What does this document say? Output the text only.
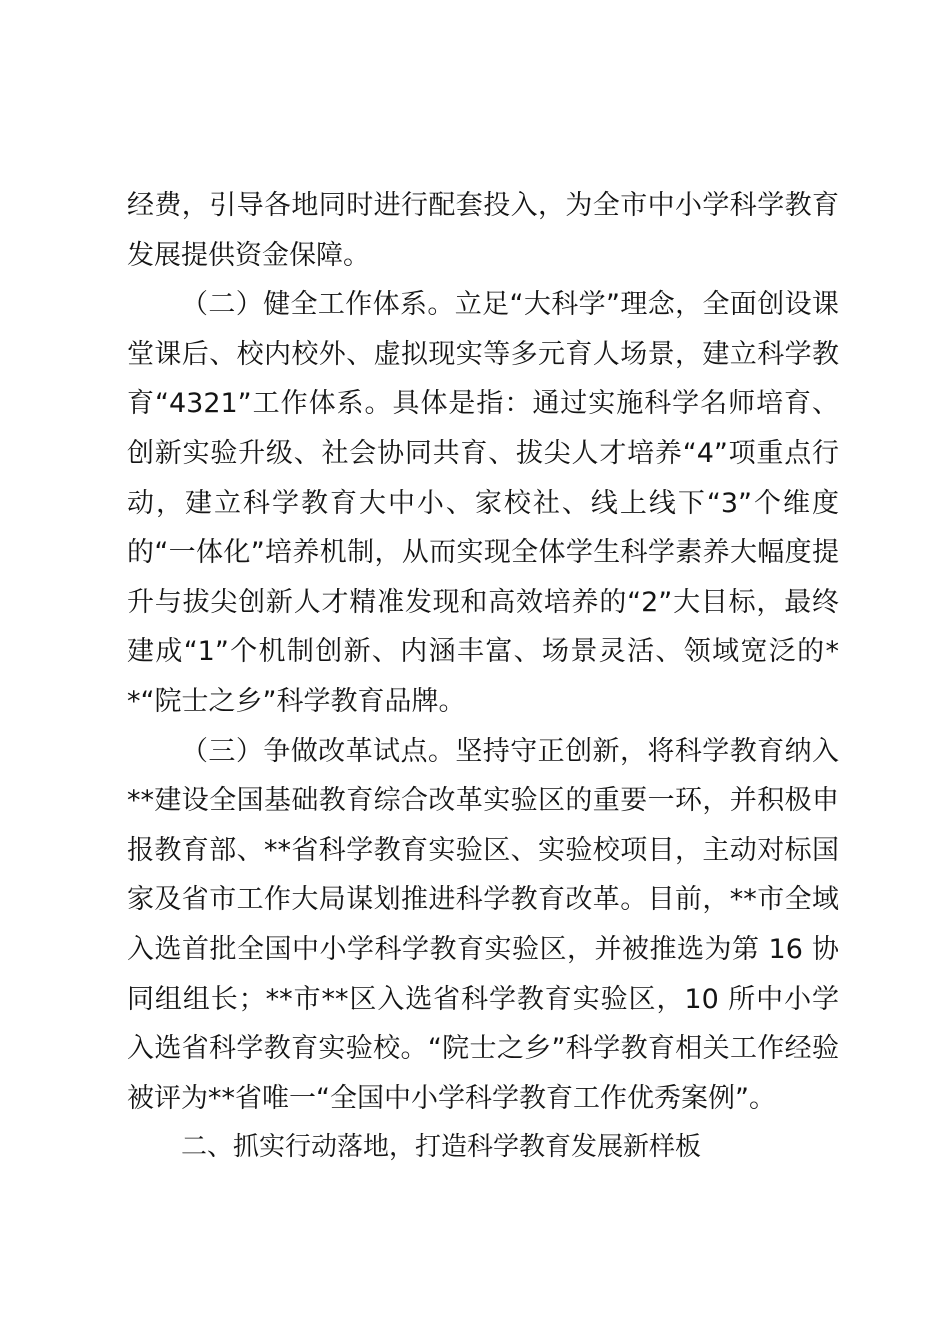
经费，引导各地同时进行配套投入，为全市中小学科学教育发展提供资金保障。

（二）健全工作体系。立足“大科学”理念，全面创设课堂课后、校内校外、虚拟现实等多元育人场景，建立科学教育“4321”工作体系。具体是指：通过实施科学名师培育、创新实验升级、社会协同共育、拔尖人才培养“4”项重点行动，建立科学教育大中小、家校社、线上线下“3”个维度的“一体化”培养机制，从而实现全体学生科学素养大幅度提升与拔尖创新人才精准发现和高效培养的“2”大目标，最终建成“1”个机制创新、内涵丰富、场景灵活、领域宽泛的**“院士之乡”科学教育品牌。

（三）争做改革试点。坚持守正创新，将科学教育纳入**建设全国基础教育综合改革实验区的重要一环，并积极申报教育部、**省科学教育实验区、实验校项目，主动对标国家及省市工作大局谋划推进科学教育改革。目前，**市全域入选首批全国中小学科学教育实验区，并被推选为第 16 协同组组长；**市**区入选省科学教育实验区，10 所中小学入选省科学教育实验校。“院士之乡”科学教育相关工作经验被评为**省唯一“全国中小学科学教育工作优秀案例”。

二、抓实行动落地，打造科学教育发展新样板
